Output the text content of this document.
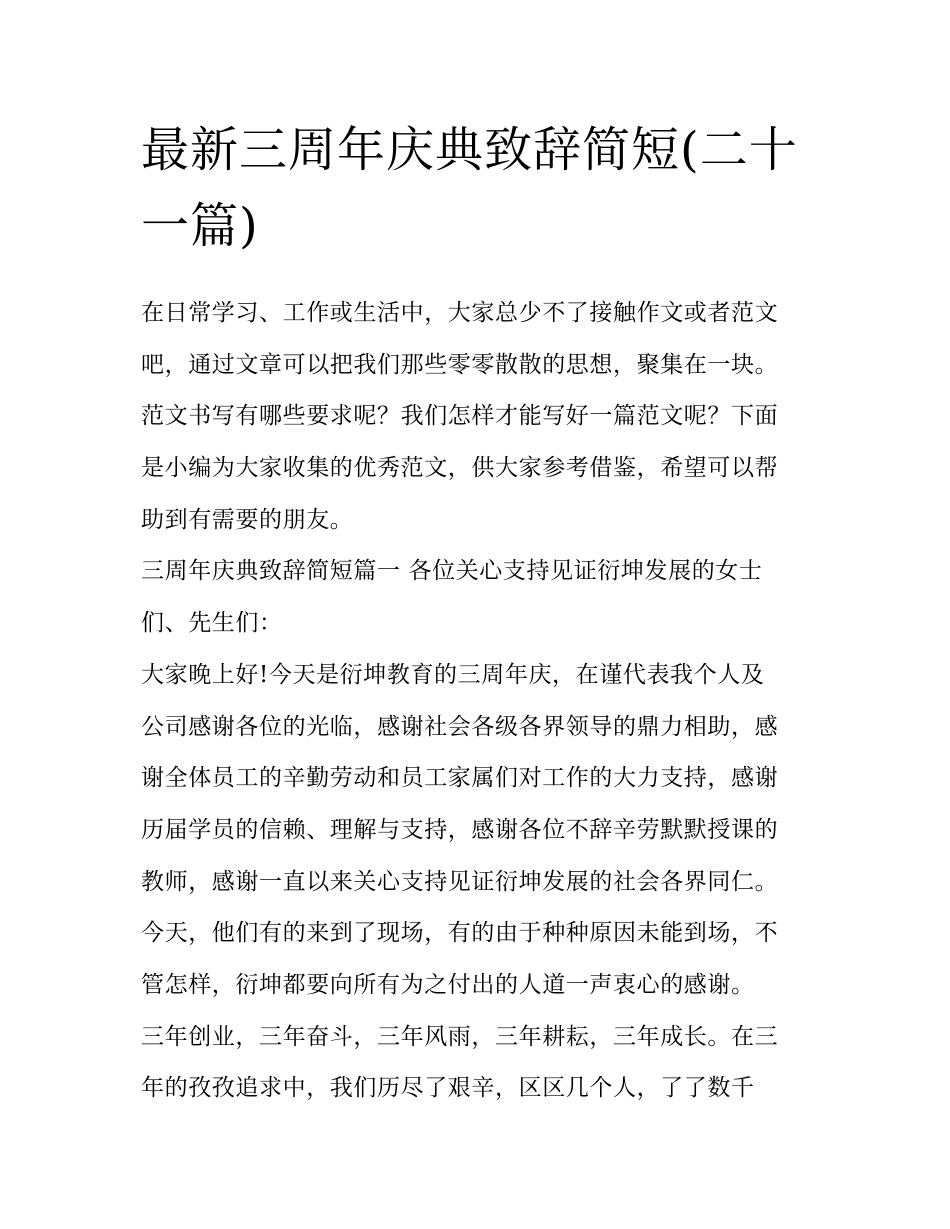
最新三周年庆典致辞简短(二十
一篇)
在日常学习、工作或生活中，大家总少不了接触作文或者范文
吧，通过文章可以把我们那些零零散散的思想，聚集在一块。
范文书写有哪些要求呢？我们怎样才能写好一篇范文呢？下面
是小编为大家收集的优秀范文，供大家参考借鉴，希望可以帮
助到有需要的朋友。
三周年庆典致辞简短篇一 各位关心支持见证衍坤发展的女士
们、先生们：
大家晚上好!今天是衍坤教育的三周年庆，在谨代表我个人及
公司感谢各位的光临，感谢社会各级各界领导的鼎力相助，感
谢全体员工的辛勤劳动和员工家属们对工作的大力支持，感谢
历届学员的信赖、理解与支持，感谢各位不辞辛劳默默授课的
教师，感谢一直以来关心支持见证衍坤发展的社会各界同仁。
今天，他们有的来到了现场，有的由于种种原因未能到场，不
管怎样，衍坤都要向所有为之付出的人道一声衷心的感谢。
三年创业，三年奋斗，三年风雨，三年耕耘，三年成长。在三
年的孜孜追求中，我们历尽了艰辛，区区几个人，了了数千
